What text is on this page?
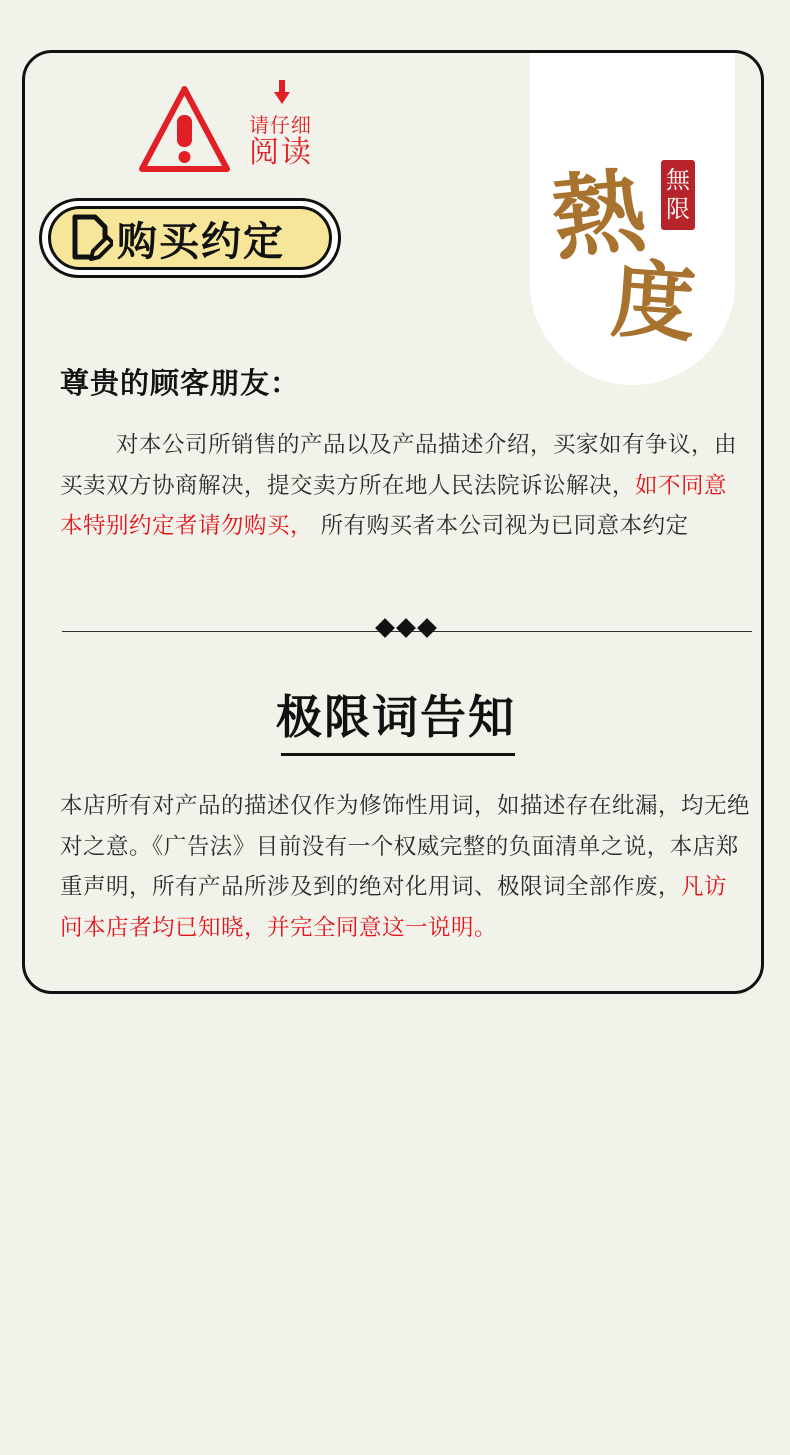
请仔细
阅读
购买约定	熱
度
無
限
尊贵的顾客朋友：

对本公司所销售的产品以及产品描述介绍，买家如有争议，由买卖双方协商解决，提交卖方所在地人民法院诉讼解决，如不同意本特别约定者请勿购买， 所有购买者本公司视为已同意本约定

极限词告知

本店所有对产品的描述仅作为修饰性用词，如描述存在纰漏，均无绝对之意。《广告法》目前没有一个权威完整的负面清单之说，本店郑重声明，所有产品所涉及到的绝对化用词、极限词全部作废，凡访问本店者均已知晓，并完全同意这一说明。
